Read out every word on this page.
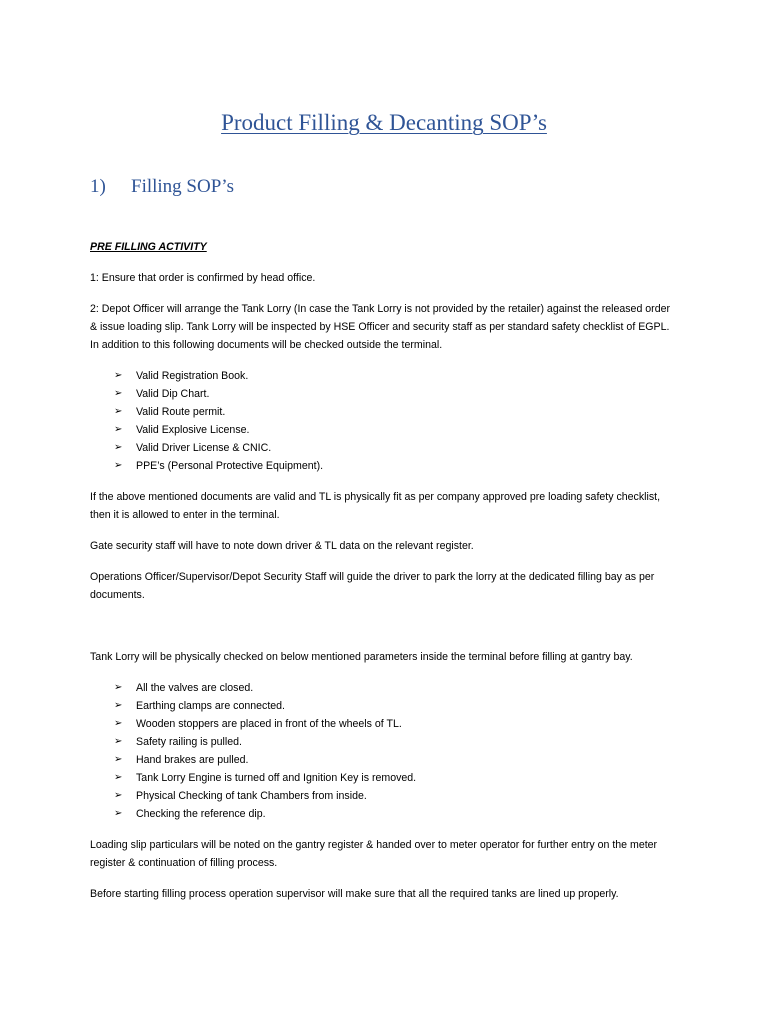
Product Filling & Decanting SOP’s
1) Filling SOP’s

PRE FILLING ACTIVITY

1: Ensure that order is confirmed by head office.

2: Depot Officer will arrange the Tank Lorry (In case the Tank Lorry is not provided by the retailer) against the released order & issue loading slip. Tank Lorry will be inspected by HSE Officer and security staff as per standard safety checklist of EGPL. In addition to this following documents will be checked outside the terminal.

➢ Valid Registration Book.
➢ Valid Dip Chart.
➢ Valid Route permit.
➢ Valid Explosive License.
➢ Valid Driver License & CNIC.
➢ PPE’s (Personal Protective Equipment).

If the above mentioned documents are valid and TL is physically fit as per company approved pre loading safety checklist, then it is allowed to enter in the terminal.

Gate security staff will have to note down driver & TL data on the relevant register.

Operations Officer/Supervisor/Depot Security Staff will guide the driver to park the lorry at the dedicated filling bay as per documents.

Tank Lorry will be physically checked on below mentioned parameters inside the terminal before filling at gantry bay.

➢ All the valves are closed.
➢ Earthing clamps are connected.
➢ Wooden stoppers are placed in front of the wheels of TL.
➢ Safety railing is pulled.
➢ Hand brakes are pulled.
➢ Tank Lorry Engine is turned off and Ignition Key is removed.
➢ Physical Checking of tank Chambers from inside.
➢ Checking the reference dip.

Loading slip particulars will be noted on the gantry register & handed over to meter operator for further entry on the meter register & continuation of filling process.

Before starting filling process operation supervisor will make sure that all the required tanks are lined up properly.
